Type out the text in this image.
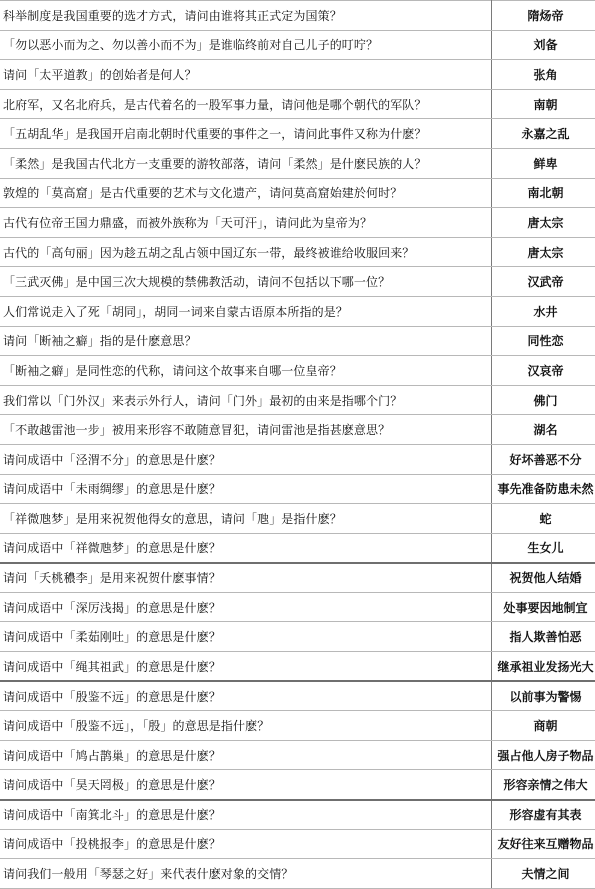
科举制度是我国重要的选才方式，请问由谁将其正式定为国策？	隋炀帝
「勿以恶小而为之、勿以善小而不为」是谁临终前对自己儿子的叮咛？	刘备
请问「太平道教」的创始者是何人？	张角
北府军，又名北府兵，是古代着名的一股军事力量，请问他是哪个朝代的军队？	南朝
「五胡乱华」是我国开启南北朝时代重要的事件之一，请问此事件又称为什麽？	永嘉之乱
「柔然」是我国古代北方一支重要的游牧部落，请问「柔然」是什麽民族的人？	鲜卑
敦煌的「莫高窟」是古代重要的艺术与文化遗产，请问莫高窟始建於何时？	南北朝
古代有位帝王国力鼎盛，而被外族称为「天可汗」，请问此为皇帝为？	唐太宗
古代的「高句丽」因为趁五胡之乱占领中国辽东一带，最终被谁给收服回来？	唐太宗
「三武灭佛」是中国三次大规模的禁佛教活动，请问不包括以下哪一位？	汉武帝
人们常说走入了死「胡同」，胡同一词来自蒙古语原本所指的是？	水井
请问「断袖之癖」指的是什麽意思？	同性恋
「断袖之癖」是同性恋的代称，请问这个故事来自哪一位皇帝？	汉哀帝
我们常以「门外汉」来表示外行人，请问「门外」最初的由来是指哪个门？	佛门
「不敢越雷池一步」被用来形容不敢随意冒犯，请问雷池是指甚麽意思？	湖名
请问成语中「泾渭不分」的意思是什麽？	好坏善恶不分
请问成语中「未雨绸缪」的意思是什麽？	事先准备防患未然
「祥微虺梦」是用来祝贺他得女的意思，请问「虺」是指什麽？	蛇
请问成语中「祥微虺梦」的意思是什麽？	生女儿
请问「夭桃穠李」是用来祝贺什麽事情？	祝贺他人结婚
请问成语中「深厉浅揭」的意思是什麽？	处事要因地制宜
请问成语中「柔茹刚吐」的意思是什麽？	指人欺善怕恶
请问成语中「绳其祖武」的意思是什麽？	继承祖业发扬光大
请问成语中「殷鉴不远」的意思是什麽？	以前事为警惕
请问成语中「殷鉴不远」，「殷」的意思是指什麽？	商朝
请问成语中「鸠占鹊巢」的意思是什麽？	强占他人房子物品
请问成语中「昊天罔极」的意思是什麽？	形容亲情之伟大
请问成语中「南箕北斗」的意思是什麽？	形容虚有其表
请问成语中「投桃报李」的意思是什麽？	友好往来互赠物品
请问我们一般用「琴瑟之好」来代表什麽对象的交情？	夫情之间
